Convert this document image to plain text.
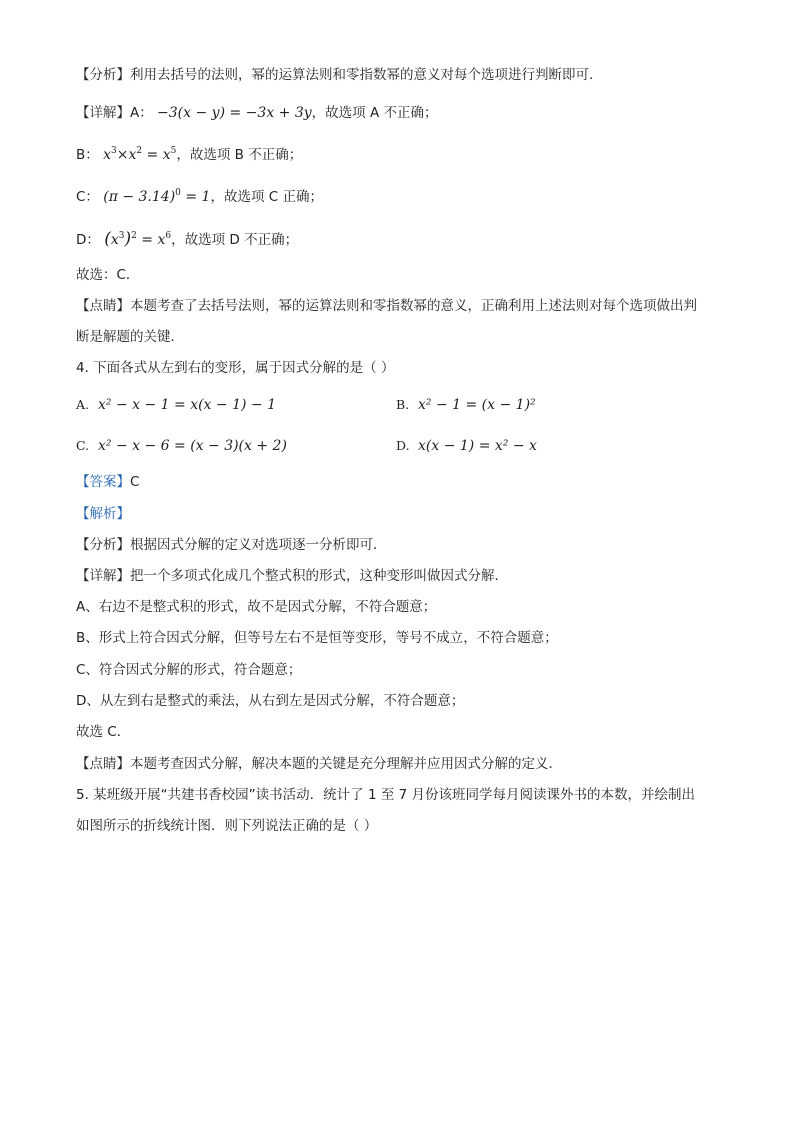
【分析】利用去括号的法则，幂的运算法则和零指数幂的意义对每个选项进行判断即可．
【详解】A： −3(x − y) = −3x + 3y，故选项 A 不正确；
B： $x^3\times x^2 = x^5$，故选项 B 不正确；
C： $(\pi - 3.14)^0 = 1$，故选项 C 正确；
D： $(x^3)^2 = x^6$，故选项 D 不正确；
故选：C．
【点睛】本题考查了去括号法则，幂的运算法则和零指数幂的意义，正确利用上述法则对每个选项做出判
断是解题的关键．
4. 下面各式从左到右的变形，属于因式分解的是（ ）
A. x² − x − 1 = x(x − 1) − 1	B. x² − 1 = (x − 1)²
C. x² − x − 6 = (x − 3)(x + 2)	D. x(x − 1) = x² − x
【答案】C
【解析】
【分析】根据因式分解的定义对选项逐一分析即可．
【详解】把一个多项式化成几个整式积的形式，这种变形叫做因式分解．
A、右边不是整式积的形式，故不是因式分解，不符合题意；
B、形式上符合因式分解，但等号左右不是恒等变形，等号不成立，不符合题意；
C、符合因式分解的形式，符合题意；
D、从左到右是整式的乘法，从右到左是因式分解，不符合题意；
故选 C．
【点睛】本题考查因式分解，解决本题的关键是充分理解并应用因式分解的定义．
5. 某班级开展“共建书香校园”读书活动．统计了 1 至 7 月份该班同学每月阅读课外书的本数，并绘制出
如图所示的折线统计图．则下列说法正确的是（ ）
